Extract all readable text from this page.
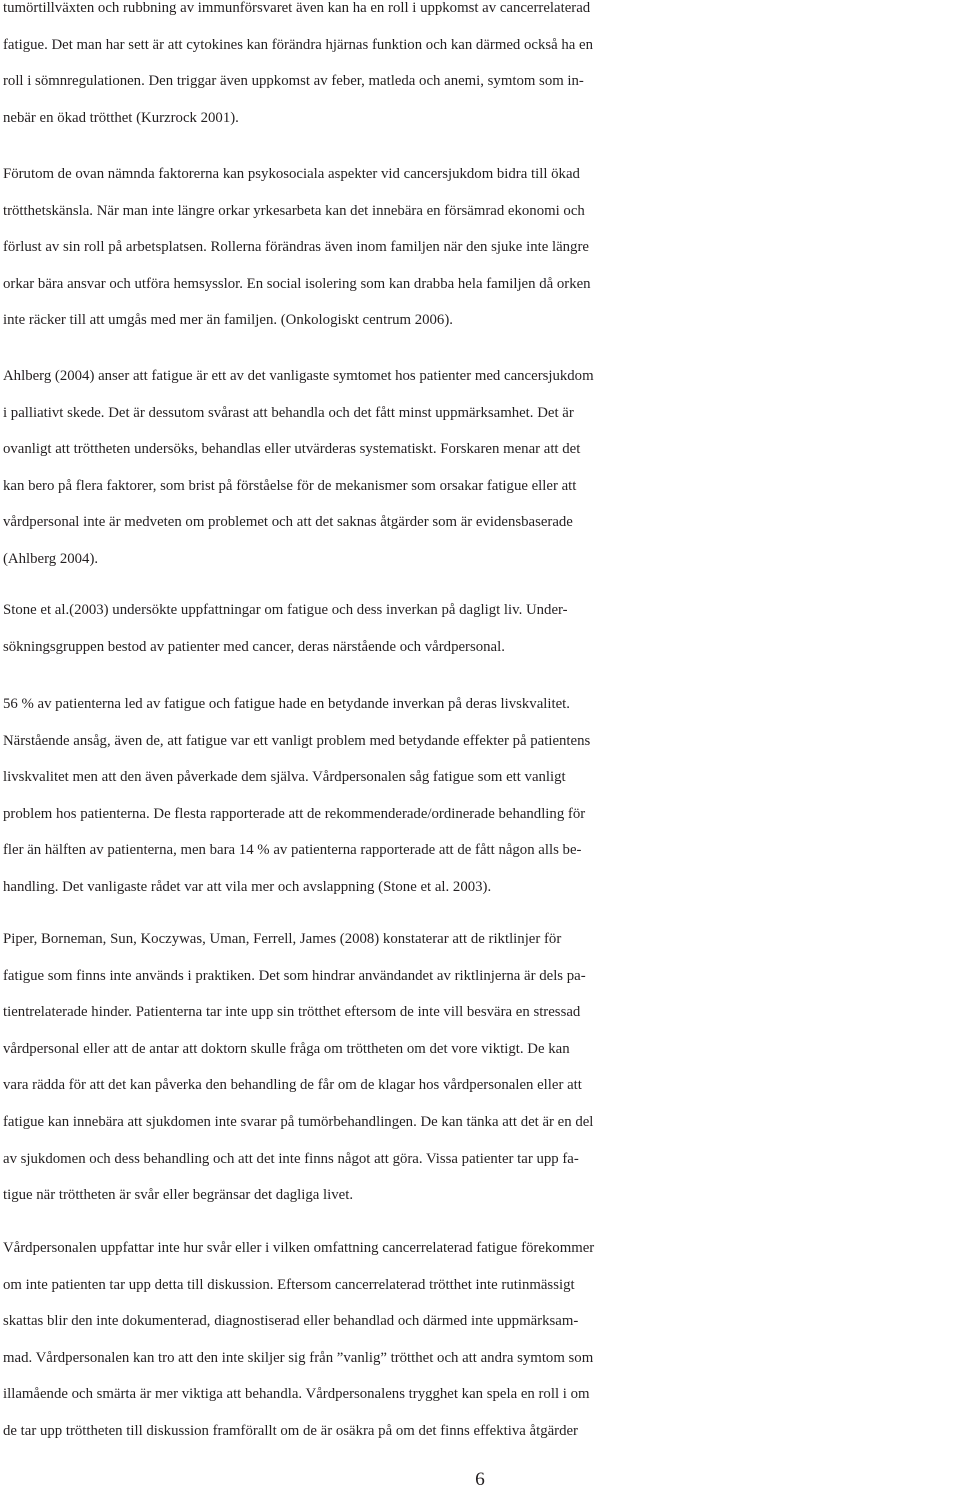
tumörtillväxten och rubbning av immunförsvaret även kan ha en roll i uppkomst av cancerrelaterad
fatigue. Det man har sett är att cytokines kan förändra hjärnas funktion och kan därmed också ha en
roll i sömnregulationen. Den triggar även uppkomst av feber, matleda och anemi, symtom som in-
nebär en ökad trötthet (Kurzrock 2001).

Förutom de ovan nämnda faktorerna kan psykosociala aspekter vid cancersjukdom bidra till ökad
trötthetskänsla. När man inte längre orkar yrkesarbeta kan det innebära en försämrad ekonomi och
förlust av sin roll på arbetsplatsen. Rollerna förändras även inom familjen när den sjuke inte längre
orkar bära ansvar och utföra hemsysslor. En social isolering som kan drabba hela familjen då orken
inte räcker till att umgås med mer än familjen. (Onkologiskt centrum 2006).

Ahlberg (2004) anser att fatigue är ett av det vanligaste symtomet hos patienter med cancersjukdom
i palliativt skede. Det är dessutom svårast att behandla och det fått minst uppmärksamhet. Det är
ovanligt att tröttheten undersöks, behandlas eller utvärderas systematiskt. Forskaren menar att det
kan bero på flera faktorer, som brist på förståelse för de mekanismer som orsakar fatigue eller att
vårdpersonal inte är medveten om problemet och att det saknas åtgärder som är evidensbaserade
(Ahlberg 2004).

Stone et al.(2003) undersökte uppfattningar om fatigue och dess inverkan på dagligt liv. Under-
sökningsgruppen bestod av patienter med cancer, deras närstående och vårdpersonal.

56 % av patienterna led av fatigue och fatigue hade en betydande inverkan på deras livskvalitet.
Närstående ansåg, även de, att fatigue var ett vanligt problem med betydande effekter på patientens
livskvalitet men att den även påverkade dem själva. Vårdpersonalen såg fatigue som ett vanligt
problem hos patienterna. De flesta rapporterade att de rekommenderade/ordinerade behandling för
fler än hälften av patienterna, men bara 14 % av patienterna rapporterade att de fått någon alls be-
handling. Det vanligaste rådet var att vila mer och avslappning (Stone et al. 2003).

Piper, Borneman, Sun, Koczywas, Uman, Ferrell, James (2008) konstaterar att de riktlinjer för
fatigue som finns inte används i praktiken. Det som hindrar användandet av riktlinjerna är dels pa-
tientrelaterade hinder. Patienterna tar inte upp sin trötthet eftersom de inte vill besvära en stressad
vårdpersonal eller att de antar att doktorn skulle fråga om tröttheten om det vore viktigt. De kan
vara rädda för att det kan påverka den behandling de får om de klagar hos vårdpersonalen eller att
fatigue kan innebära att sjukdomen inte svarar på tumörbehandlingen. De kan tänka att det är en del
av sjukdomen och dess behandling och att det inte finns något att göra. Vissa patienter tar upp fa-
tigue när tröttheten är svår eller begränsar det dagliga livet.

Vårdpersonalen uppfattar inte hur svår eller i vilken omfattning cancerrelaterad fatigue förekommer
om inte patienten tar upp detta till diskussion. Eftersom cancerrelaterad trötthet inte rutinmässigt
skattas blir den inte dokumenterad, diagnostiserad eller behandlad och därmed inte uppmärksam-
mad. Vårdpersonalen kan tro att den inte skiljer sig från ”vanlig” trötthet och att andra symtom som
illamående och smärta är mer viktiga att behandla. Vårdpersonalens trygghet kan spela en roll i om
de tar upp tröttheten till diskussion framförallt om de är osäkra på om det finns effektiva åtgärder

6
